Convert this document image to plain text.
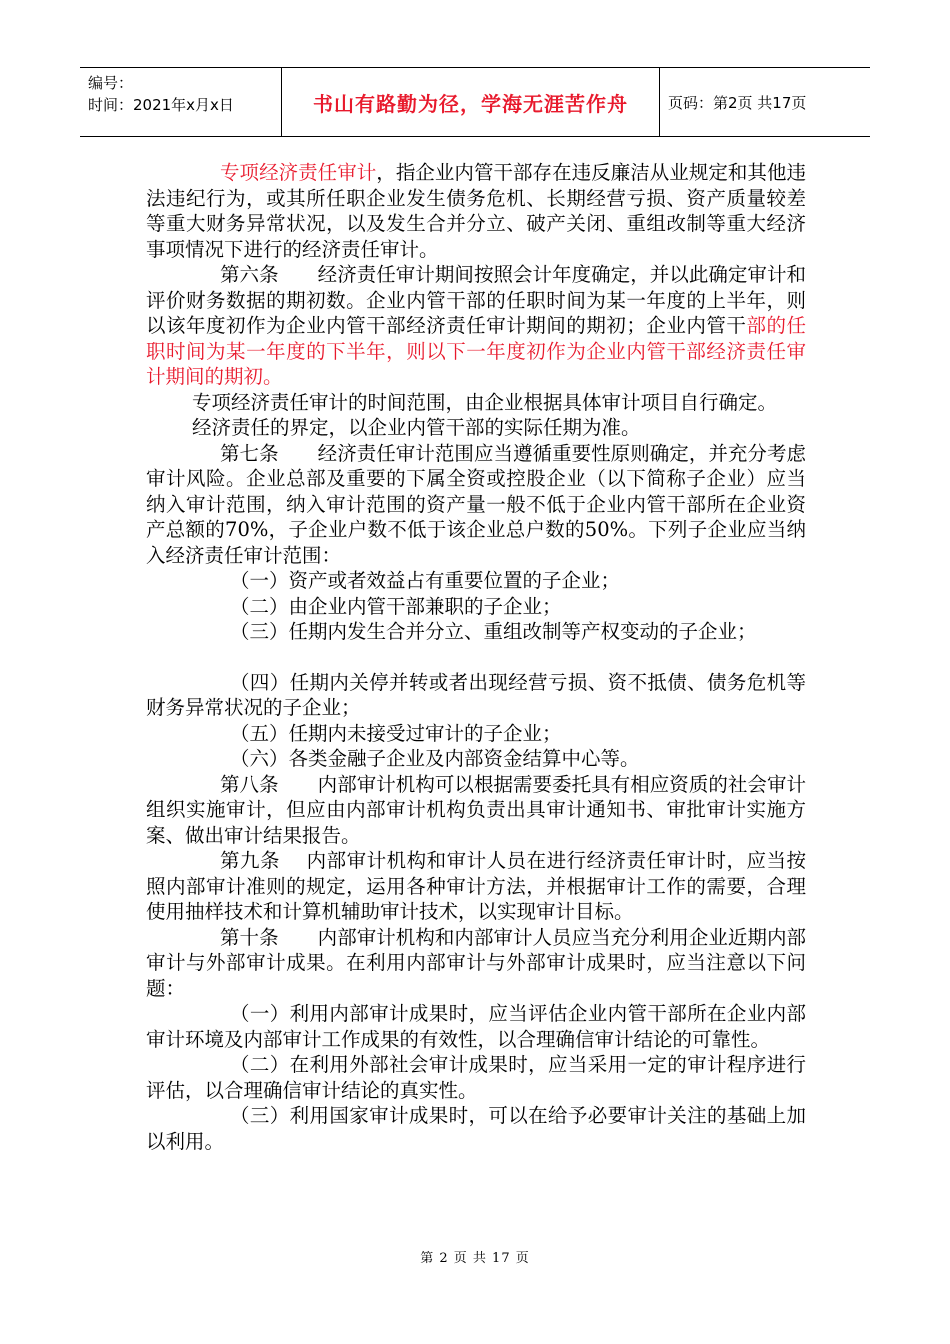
编号：
时间：2021年x月x日	书山有路勤为径，学海无涯苦作舟	页码：第2页 共17页

专项经济责任审计，指企业内管干部存在违反廉洁从业规定和其他违法违纪行为，或其所任职企业发生债务危机、长期经营亏损、资产质量较差等重大财务异常状况，以及发生合并分立、破产关闭、重组改制等重大经济事项情况下进行的经济责任审计。

第六条　　经济责任审计期间按照会计年度确定，并以此确定审计和评价财务数据的期初数。企业内管干部的任职时间为某一年度的上半年，则以该年度初作为企业内管干部经济责任审计期间的期初；企业内管干部的任职时间为某一年度的下半年，则以下一年度初作为企业内管干部经济责任审计期间的期初。

专项经济责任审计的时间范围，由企业根据具体审计项目自行确定。

经济责任的界定，以企业内管干部的实际任期为准。

第七条　　经济责任审计范围应当遵循重要性原则确定，并充分考虑审计风险。企业总部及重要的下属全资或控股企业（以下简称子企业）应当纳入审计范围，纳入审计范围的资产量一般不低于企业内管干部所在企业资产总额的70%，子企业户数不低于该企业总户数的50%。下列子企业应当纳入经济责任审计范围：

（一）资产或者效益占有重要位置的子企业；

（二）由企业内管干部兼职的子企业；

（三）任期内发生合并分立、重组改制等产权变动的子企业；

（四）任期内关停并转或者出现经营亏损、资不抵债、债务危机等财务异常状况的子企业；

（五）任期内未接受过审计的子企业；

（六）各类金融子企业及内部资金结算中心等。

第八条　　内部审计机构可以根据需要委托具有相应资质的社会审计组织实施审计，但应由内部审计机构负责出具审计通知书、审批审计实施方案、做出审计结果报告。

第九条　 内部审计机构和审计人员在进行经济责任审计时，应当按照内部审计准则的规定，运用各种审计方法，并根据审计工作的需要，合理使用抽样技术和计算机辅助审计技术，以实现审计目标。

第十条　　内部审计机构和内部审计人员应当充分利用企业近期内部审计与外部审计成果。在利用内部审计与外部审计成果时，应当注意以下问题：

（一）利用内部审计成果时，应当评估企业内管干部所在企业内部审计环境及内部审计工作成果的有效性，以合理确信审计结论的可靠性。

（二）在利用外部社会审计成果时，应当采用一定的审计程序进行评估，以合理确信审计结论的真实性。

（三）利用国家审计成果时，可以在给予必要审计关注的基础上加以利用。

第 2 页 共 17 页
